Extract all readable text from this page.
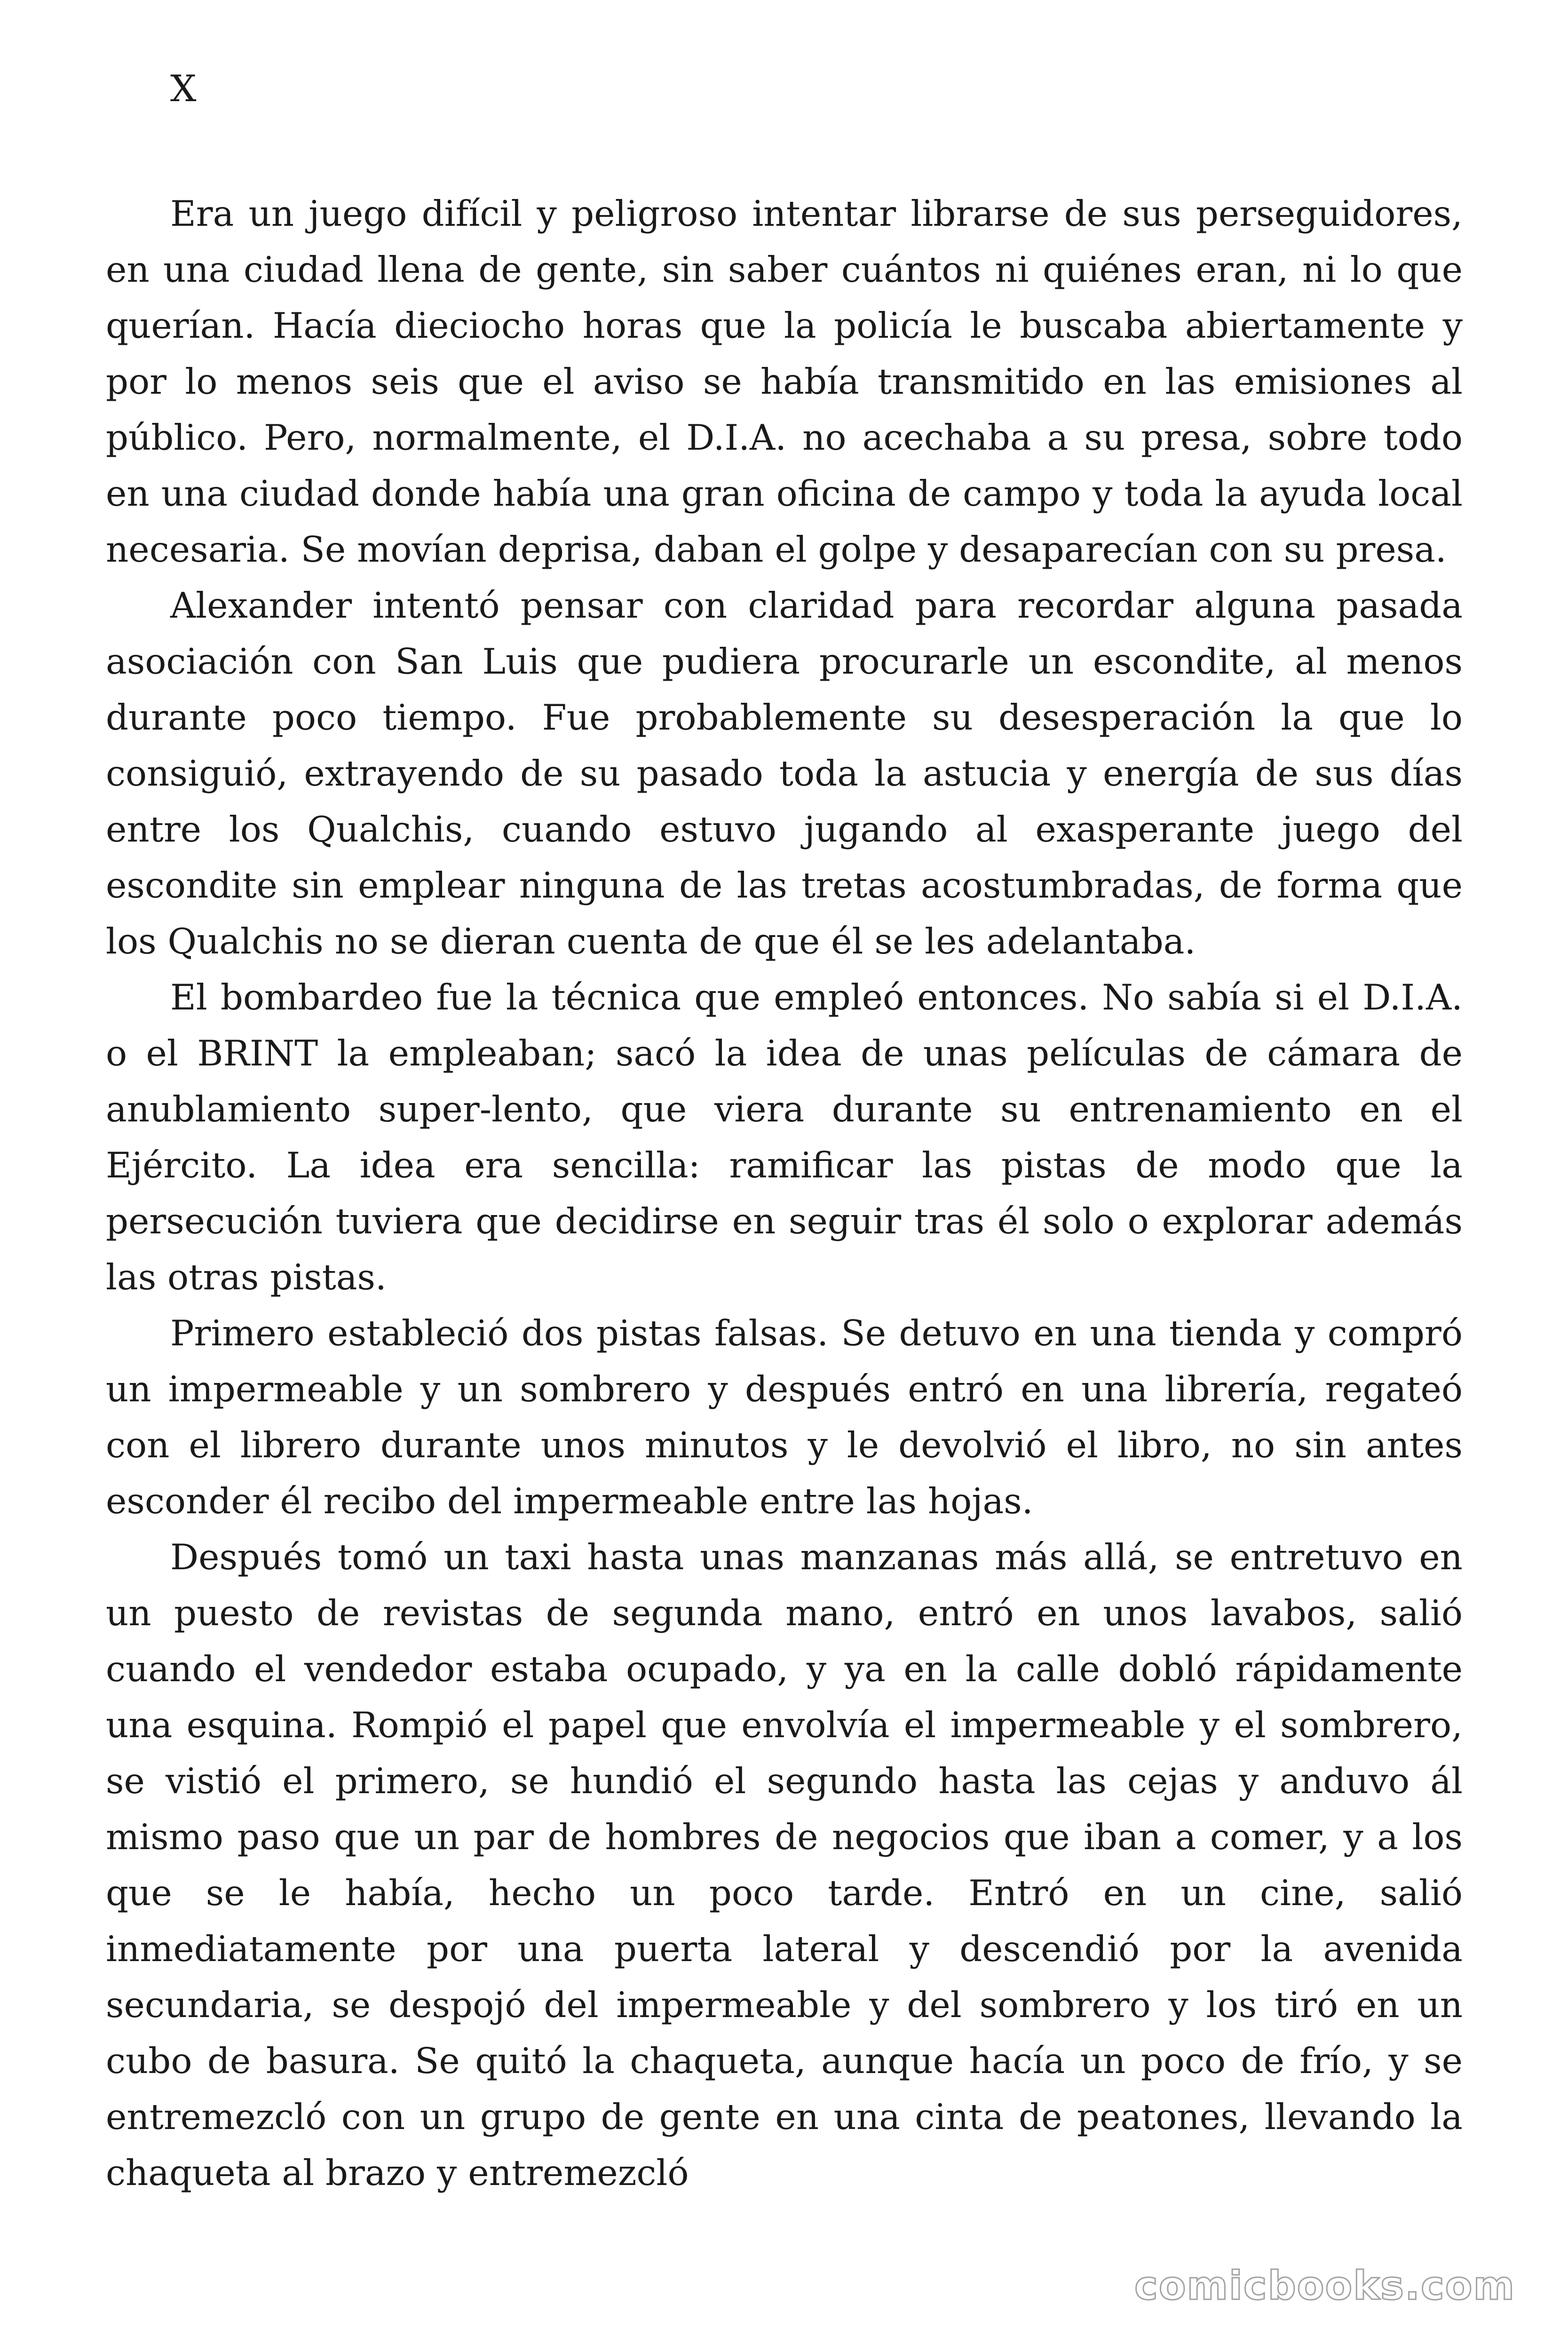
X

Era un juego difícil y peligroso intentar librarse de sus perseguidores, en una ciudad llena de gente, sin saber cuántos ni quiénes eran, ni lo que querían. Hacía dieciocho horas que la policía le buscaba abiertamente y por lo menos seis que el aviso se había transmitido en las emisiones al público. Pero, normalmente, el D.I.A. no acechaba a su presa, sobre todo en una ciudad donde había una gran oficina de campo y toda la ayuda local necesaria. Se movían deprisa, daban el golpe y desaparecían con su presa.

Alexander intentó pensar con claridad para recordar alguna pasada asociación con San Luis que pudiera procurarle un escondite, al menos durante poco tiempo. Fue probablemente su desesperación la que lo consiguió, extrayendo de su pasado toda la astucia y energía de sus días entre los Qualchis, cuando estuvo jugando al exasperante juego del escondite sin emplear ninguna de las tretas acostumbradas, de forma que los Qualchis no se dieran cuenta de que él se les adelantaba.

El bombardeo fue la técnica que empleó entonces. No sabía si el D.I.A. o el BRINT la empleaban; sacó la idea de unas películas de cámara de anublamiento super-lento, que viera durante su entrenamiento en el Ejército. La idea era sencilla: ramificar las pistas de modo que la persecución tuviera que decidirse en seguir tras él solo o explorar además las otras pistas.

Primero estableció dos pistas falsas. Se detuvo en una tienda y compró un impermeable y un sombrero y después entró en una librería, regateó con el librero durante unos minutos y le devolvió el libro, no sin antes esconder él recibo del impermeable entre las hojas.

Después tomó un taxi hasta unas manzanas más allá, se entretuvo en un puesto de revistas de segunda mano, entró en unos lavabos, salió cuando el vendedor estaba ocupado, y ya en la calle dobló rápidamente una esquina. Rompió el papel que envolvía el impermeable y el sombrero, se vistió el primero, se hundió el segundo hasta las cejas y anduvo ál mismo paso que un par de hombres de negocios que iban a comer, y a los que se le había, hecho un poco tarde. Entró en un cine, salió inmediatamente por una puerta lateral y descendió por la avenida secundaria, se despojó del impermeable y del sombrero y los tiró en un cubo de basura. Se quitó la chaqueta, aunque hacía un poco de frío, y se entremezcló con un grupo de gente en una cinta de peatones, llevando la chaqueta al brazo y entremezcló

comicbooks.com
